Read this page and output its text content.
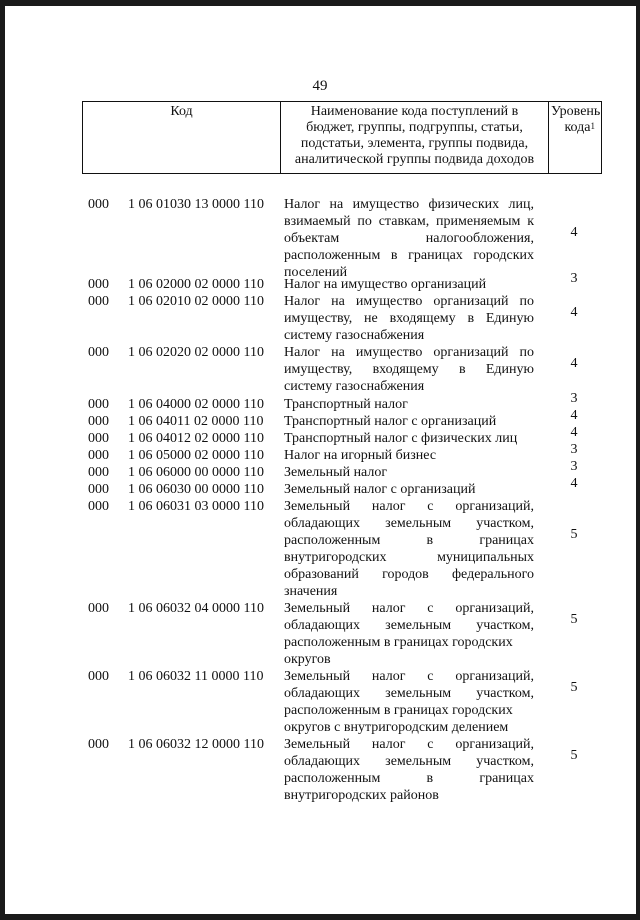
49
Код	Наименование кода поступлений в
бюджет, группы, подгруппы, статьи,
подстатьи, элемента, группы подвида,
аналитической группы подвида доходов

Уровень
кода$^1$
000 1 06 01030 13 0000 110 Налог на имущество физических лиц,
взимаемый по ставкам, применяемым к
объектам налогообложения,
расположенным в границах городских
поселений
4
000 1 06 02000 02 0000 110 Налог на имущество организаций	3
000 1 06 02010 02 0000 110 Налог на имущество организаций по
имуществу, не входящему в Единую
систему газоснабжения
4
000 1 06 02020 02 0000 110 Налог на имущество организаций по
имуществу, входящему в Единую
систему газоснабжения
4
000 1 06 04000 02 0000 110 Транспортный налог	3
000 1 06 04011 02 0000 110 Транспортный налог с организаций	4
000 1 06 04012 02 0000 110 Транспортный налог с физических лиц	4
000 1 06 05000 02 0000 110 Налог на игорный бизнес	3
000 1 06 06000 00 0000 110 Земельный налог	3
000 1 06 06030 00 0000 110 Земельный налог с организаций	4
000 1 06 06031 03 0000 110 Земельный налог с организаций,
обладающих земельным участком,
расположенным в границах
внутригородских муниципальных
образований городов федерального
значения
5
000 1 06 06032 04 0000 110 Земельный налог с организаций,
обладающих земельным участком,
расположенным в границах городских
округов
5
000 1 06 06032 11 0000 110 Земельный налог с организаций,
обладающих земельным участком,
расположенным в границах городских
округов с внутригородским делением
5
000 1 06 06032 12 0000 110 Земельный налог с организаций,
обладающих земельным участком,
расположенным в границах
внутригородских районов
5
